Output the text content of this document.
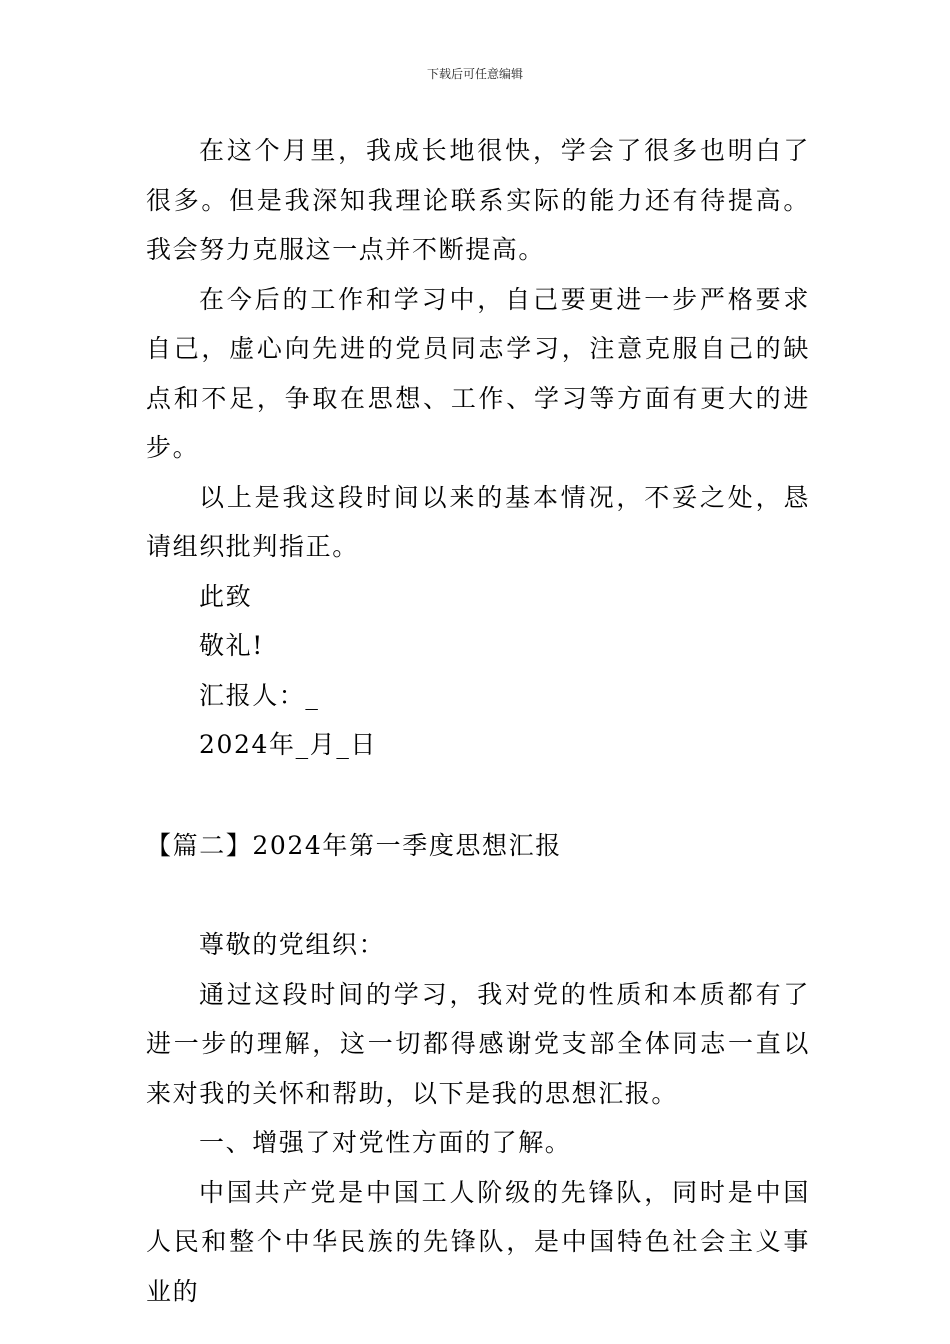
下载后可任意编辑

在这个月里，我成长地很快，学会了很多也明白了很多。但是我深知我理论联系实际的能力还有待提高。我会努力克服这一点并不断提高。

在今后的工作和学习中，自己要更进一步严格要求自己，虚心向先进的党员同志学习，注意克服自己的缺点和不足，争取在思想、工作、学习等方面有更大的进步。

以上是我这段时间以来的基本情况，不妥之处，恳请组织批判指正。

此致

敬礼!

汇报人：_

2024年_月_日

【篇二】2024年第一季度思想汇报

尊敬的党组织：

通过这段时间的学习，我对党的性质和本质都有了进一步的理解，这一切都得感谢党支部全体同志一直以来对我的关怀和帮助，以下是我的思想汇报。

一、增强了对党性方面的了解。

中国共产党是中国工人阶级的先锋队，同时是中国人民和整个中华民族的先锋队，是中国特色社会主义事业的
